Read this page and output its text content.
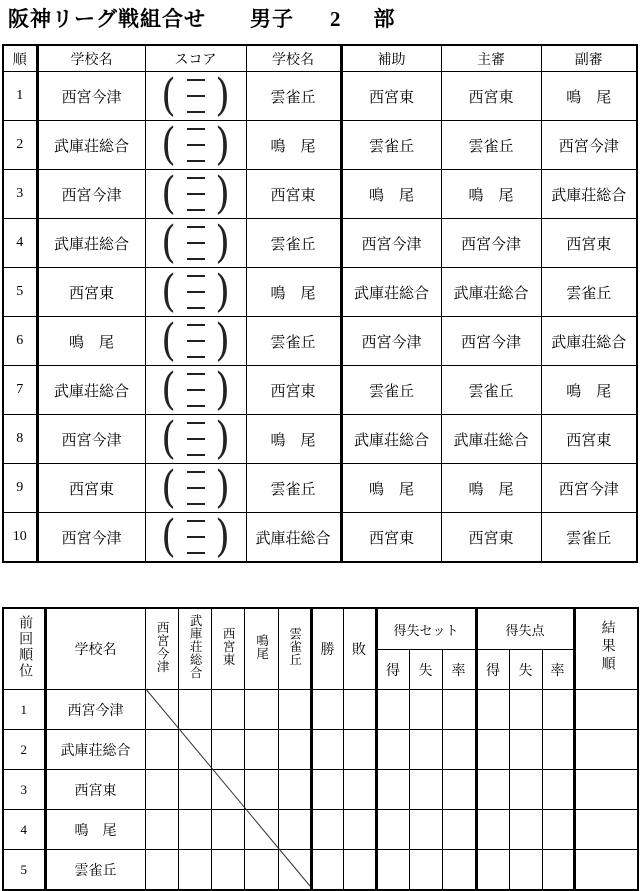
阪神リーグ戦組合せ 男子 2 部
順	学校名	スコア	学校名	補助	主審	副審
1	西宮今津	( )	雲雀丘	西宮東	西宮東	鳴　尾
2	武庫荘総合	( )	鳴　尾	雲雀丘	雲雀丘	西宮今津
3	西宮今津	( )	西宮東	鳴　尾	鳴　尾	武庫荘総合
4	武庫荘総合	( )	雲雀丘	西宮今津	西宮今津	西宮東
5	西宮東	( )	鳴　尾	武庫荘総合	武庫荘総合	雲雀丘
6	鳴　尾	( )	雲雀丘	西宮今津	西宮今津	武庫荘総合
7	武庫荘総合	( )	西宮東	雲雀丘	雲雀丘	鳴　尾
8	西宮今津	( )	鳴　尾	武庫荘総合	武庫荘総合	西宮東
9	西宮東	( )	雲雀丘	鳴　尾	鳴　尾	西宮今津
10	西宮今津	( )	武庫荘総合	西宮東	西宮東	雲雀丘
前回順位	学校名	西宮今津	武庫荘総合	西宮東	鳴尾	雲雀丘	勝	敗	得失セット			得失点			結果順
									得	失	率	得	失	率	
1	西宮今津														
2	武庫荘総合														
3	西宮東														
4	鳴　尾														
5	雲雀丘														
